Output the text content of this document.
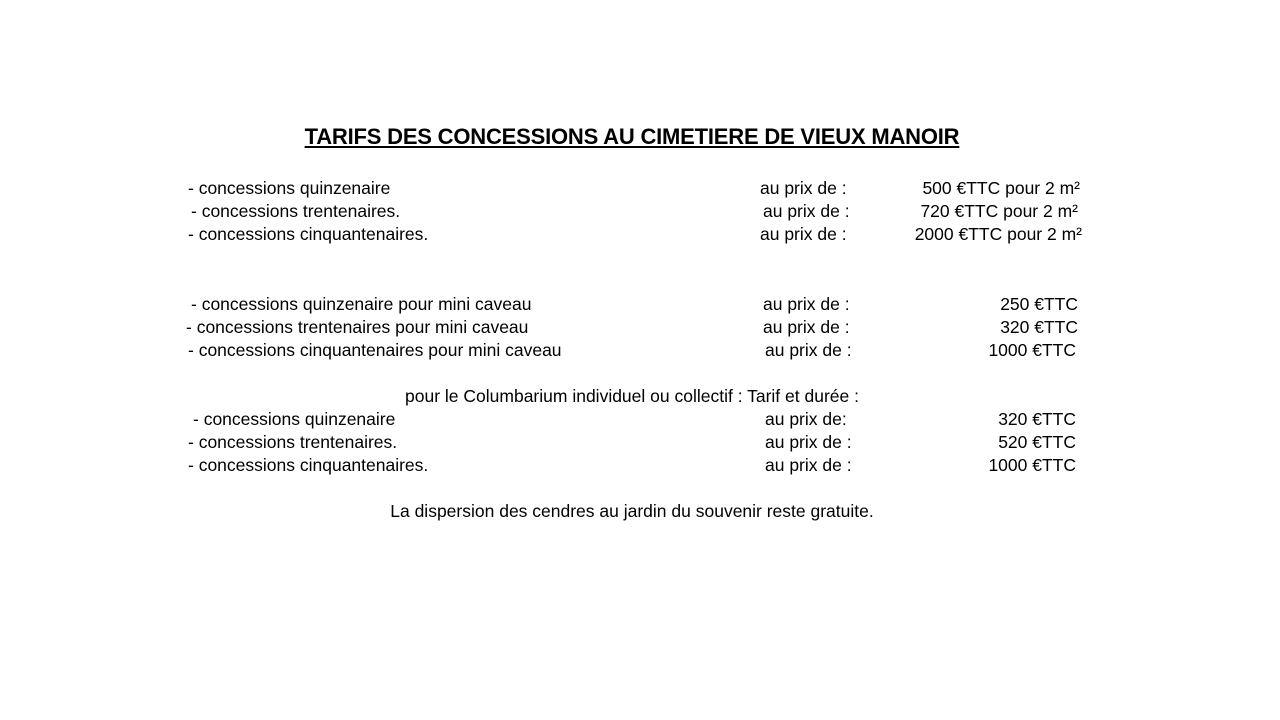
TARIFS DES CONCESSIONS AU CIMETIERE DE VIEUX MANOIR
- concessions quinzenaire	au prix de :	500 €TTC pour 2 m²
- concessions trentenaires.	au prix de :	720 €TTC pour 2 m²
- concessions cinquantenaires.	au prix de :	2000 €TTC pour 2 m²
- concessions quinzenaire pour mini caveau	au prix de :	250 €TTC
- concessions trentenaires pour mini caveau	au prix de :	320 €TTC
- concessions cinquantenaires pour mini caveau	au prix de :	1000 €TTC
pour le Columbarium individuel ou collectif : Tarif et durée :
- concessions quinzenaire	au prix de:	320 €TTC
- concessions trentenaires.	au prix de :	520 €TTC
- concessions cinquantenaires.	au prix de :	1000 €TTC
La dispersion des cendres au jardin du souvenir reste gratuite.
